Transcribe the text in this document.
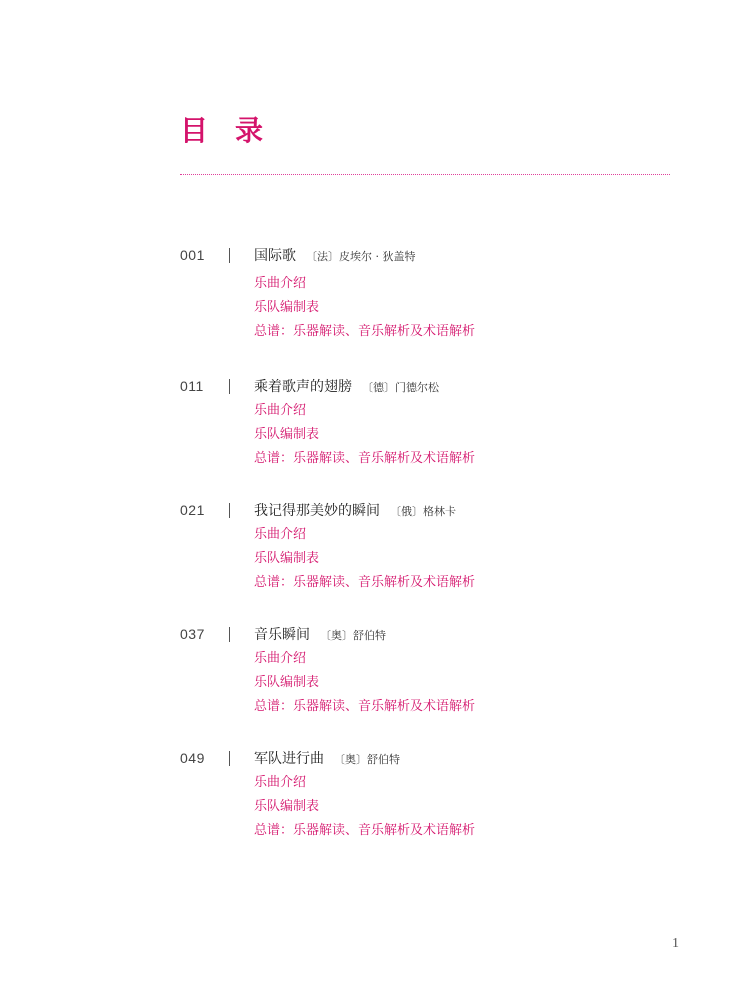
目录
001	国际歌 〔法〕皮埃尔 · 狄盖特
乐曲介绍
乐队编制表
总谱：乐器解读、音乐解析及术语解析
011	乘着歌声的翅膀 〔德〕门德尔松
乐曲介绍
乐队编制表
总谱：乐器解读、音乐解析及术语解析
021	我记得那美妙的瞬间 〔俄〕格林卡
乐曲介绍
乐队编制表
总谱：乐器解读、音乐解析及术语解析
037	音乐瞬间 〔奥〕舒伯特
乐曲介绍
乐队编制表
总谱：乐器解读、音乐解析及术语解析
049	军队进行曲 〔奥〕舒伯特
乐曲介绍
乐队编制表
总谱：乐器解读、音乐解析及术语解析
1
